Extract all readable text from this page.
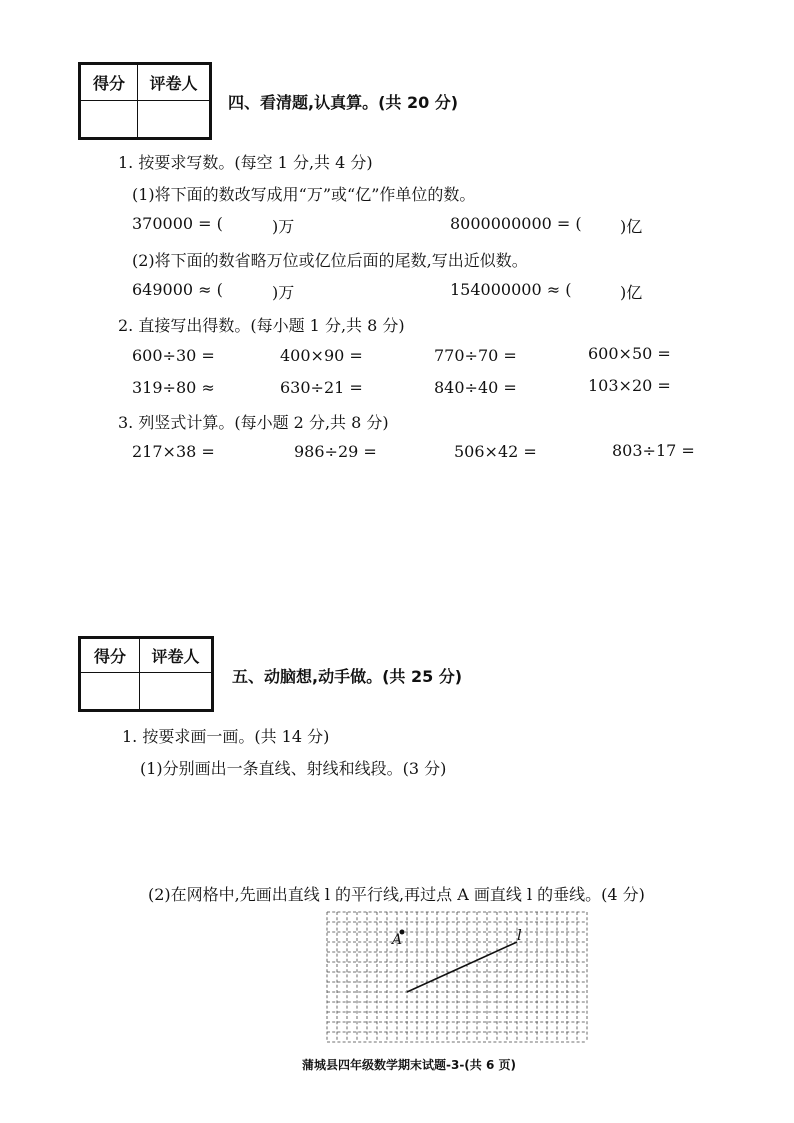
得分	评卷人

四、看清题,认真算。(共 20 分)
1. 按要求写数。(每空 1 分,共 4 分)
(1)将下面的数改写成用“万”或“亿”作单位的数。
370000 = (	)万	8000000000 = ( )亿
(2)将下面的数省略万位或亿位后面的尾数,写出近似数。
649000 ≈ (	)万	154000000 ≈ (	)亿
2. 直接写出得数。(每小题 1 分,共 8 分)
600÷30 =	400×90 =	770÷70 =	600×50 =
319÷80 ≈	630÷21 =	840÷40 =	103×20 =
3. 列竖式计算。(每小题 2 分,共 8 分)
217×38 =	986÷29 =	506×42 =	803÷17 =
得分	评卷人

五、动脑想,动手做。(共 25 分)
1. 按要求画一画。(共 14 分)
(1)分别画出一条直线、射线和线段。(3 分)
(2)在网格中,先画出直线 l 的平行线,再过点 A 画直线 l 的垂线。(4 分)
A	l
蒲城县四年级数学期末试题-3-(共 6 页)
